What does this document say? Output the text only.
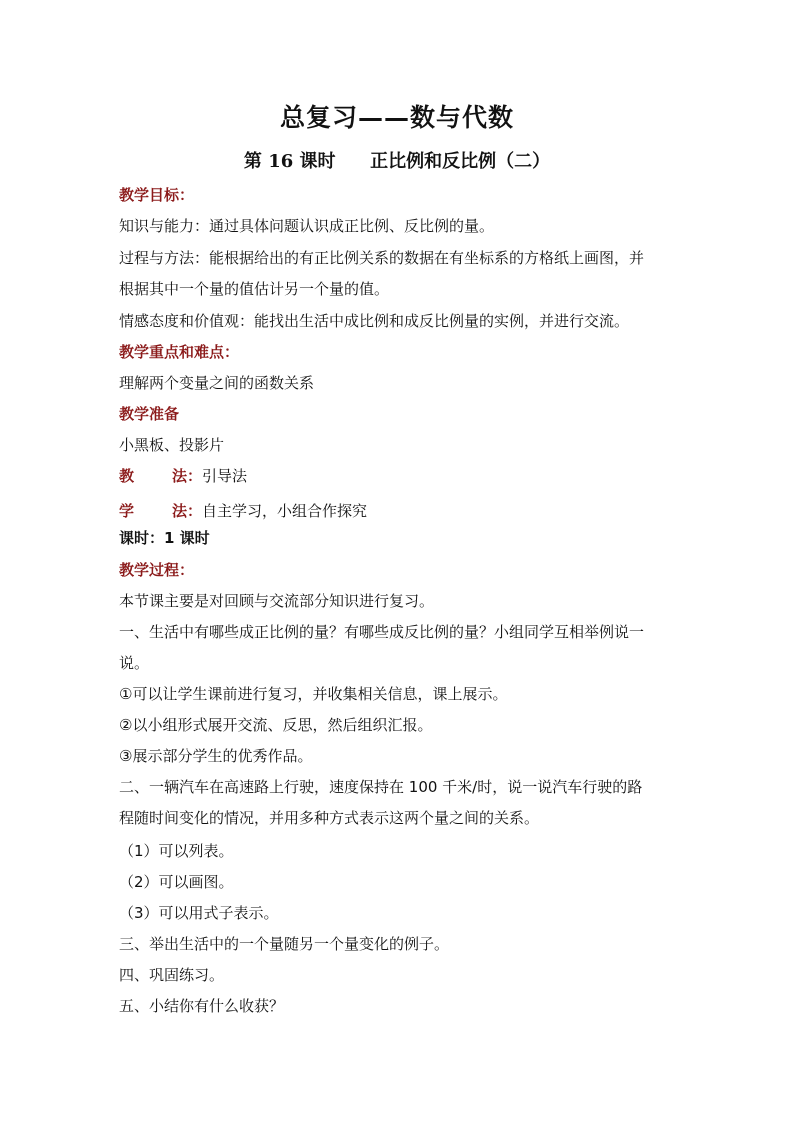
总复习——数与代数
第 16 课时 正比例和反比例（二）
教学目标：
知识与能力：通过具体问题认识成正比例、反比例的量。
过程与方法：能根据给出的有正比例关系的数据在有坐标系的方格纸上画图，并
根据其中一个量的值估计另一个量的值。
情感态度和价值观：能找出生活中成比例和成反比例量的实例，并进行交流。
教学重点和难点：
理解两个变量之间的函数关系
教学准备
小黑板、投影片
教	法：引导法
学	法：自主学习，小组合作探究
课时：1 课时
教学过程：
本节课主要是对回顾与交流部分知识进行复习。
一、生活中有哪些成正比例的量？有哪些成反比例的量？小组同学互相举例说一
说。
①可以让学生课前进行复习，并收集相关信息，课上展示。
②以小组形式展开交流、反思，然后组织汇报。
③展示部分学生的优秀作品。
二、一辆汽车在高速路上行驶，速度保持在 100 千米/时，说一说汽车行驶的路
程随时间变化的情况，并用多种方式表示这两个量之间的关系。
（1）可以列表。
（2）可以画图。
（3）可以用式子表示。
三、举出生活中的一个量随另一个量变化的例子。
四、巩固练习。
五、小结你有什么收获？
